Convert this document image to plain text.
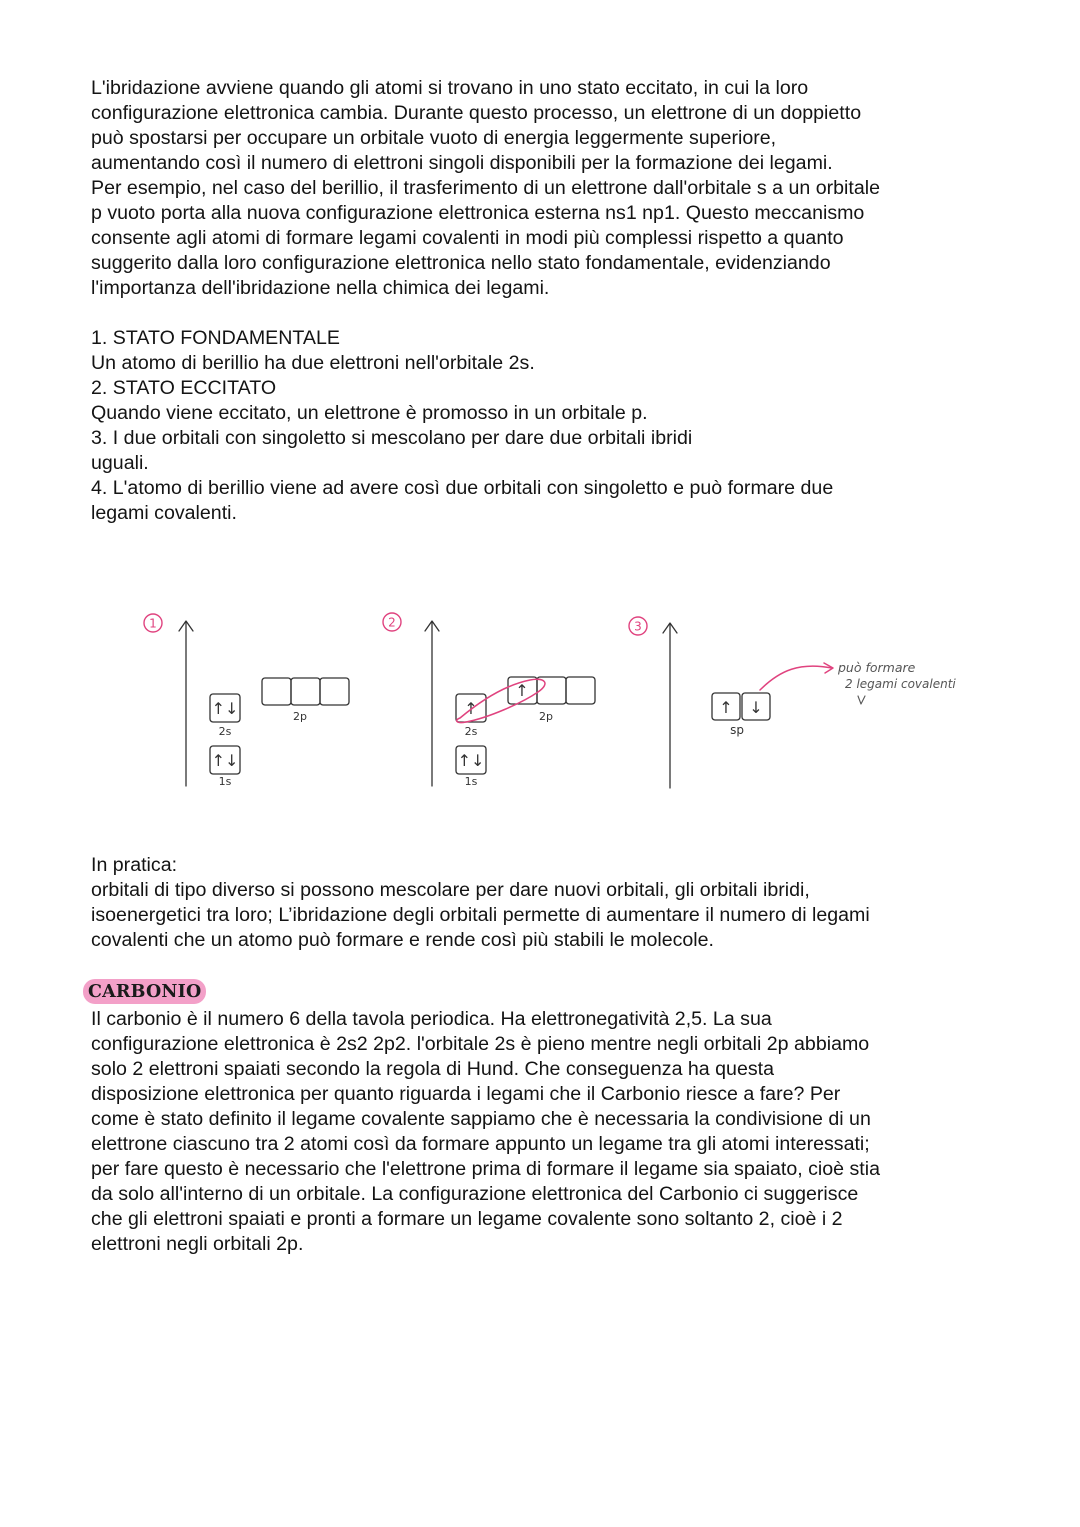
L'ibridazione avviene quando gli atomi si trovano in uno stato eccitato, in cui la loro
configurazione elettronica cambia. Durante questo processo, un elettrone di un doppietto
può spostarsi per occupare un orbitale vuoto di energia leggermente superiore,
aumentando così il numero di elettroni singoli disponibili per la formazione dei legami.
Per esempio, nel caso del berillio, il trasferimento di un elettrone dall'orbitale s a un orbitale
p vuoto porta alla nuova configurazione elettronica esterna ns1 np1. Questo meccanismo
consente agli atomi di formare legami covalenti in modi più complessi rispetto a quanto
suggerito dalla loro configurazione elettronica nello stato fondamentale, evidenziando
l'importanza dell'ibridazione nella chimica dei legami.
1. STATO FONDAMENTALE
Un atomo di berillio ha due elettroni nell'orbitale 2s.
2. STATO ECCITATO
Quando viene eccitato, un elettrone è promosso in un orbitale p.
3. I due orbitali con singoletto si mescolano per dare due orbitali ibridi
uguali.
4. L'atomo di berillio viene ad avere così due orbitali con singoletto e può formare due
legami covalenti.
1
↑↓
2s
↑↓
1s
2p
2
↑
2s
↑↓
1s
↑
2p
3
↑ ↓
sp
può formare
2 legami covalenti
In pratica:
orbitali di tipo diverso si possono mescolare per dare nuovi orbitali, gli orbitali ibridi,
isoenergetici tra loro; L’ibridazione degli orbitali permette di aumentare il numero di legami
covalenti che un atomo può formare e rende così più stabili le molecole.
CARBONIO
Il carbonio è il numero 6 della tavola periodica. Ha elettronegatività 2,5. La sua
configurazione elettronica è 2s2 2p2. l'orbitale 2s è pieno mentre negli orbitali 2p abbiamo
solo 2 elettroni spaiati secondo la regola di Hund. Che conseguenza ha questa
disposizione elettronica per quanto riguarda i legami che il Carbonio riesce a fare? Per
come è stato definito il legame covalente sappiamo che è necessaria la condivisione di un
elettrone ciascuno tra 2 atomi così da formare appunto un legame tra gli atomi interessati;
per fare questo è necessario che l'elettrone prima di formare il legame sia spaiato, cioè stia
da solo all'interno di un orbitale. La configurazione elettronica del Carbonio ci suggerisce
che gli elettroni spaiati e pronti a formare un legame covalente sono soltanto 2, cioè i 2
elettroni negli orbitali 2p.
